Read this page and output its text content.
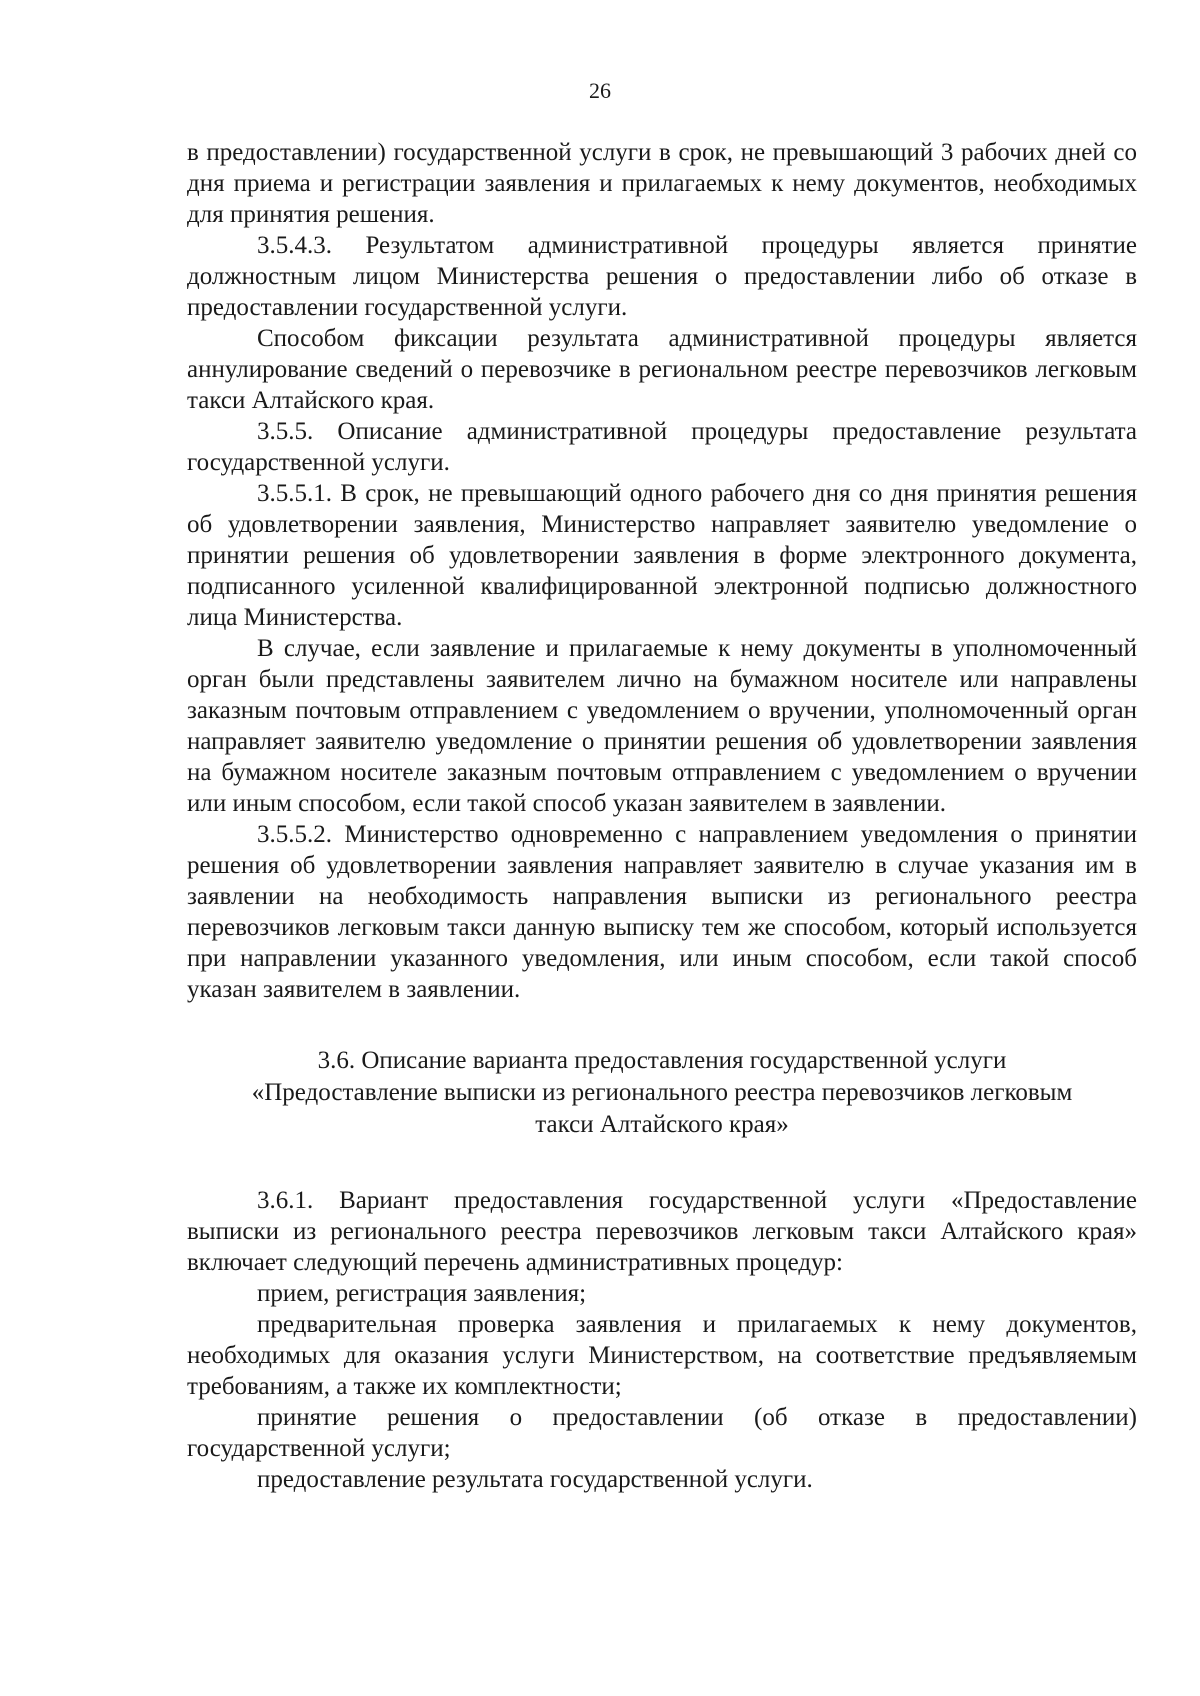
26

в предоставлении) государственной услуги в срок, не превышающий 3 рабочих дней со дня приема и регистрации заявления и прилагаемых к нему документов, необходимых для принятия решения.

3.5.4.3. Результатом административной процедуры является принятие должностным лицом Министерства решения о предоставлении либо об отказе в предоставлении государственной услуги.

Способом фиксации результата административной процедуры является аннулирование сведений о перевозчике в региональном реестре перевозчиков легковым такси Алтайского края.

3.5.5. Описание административной процедуры предоставление результата государственной услуги.

3.5.5.1. В срок, не превышающий одного рабочего дня со дня принятия решения об удовлетворении заявления, Министерство направляет заявителю уведомление о принятии решения об удовлетворении заявления в форме электронного документа, подписанного усиленной квалифицированной электронной подписью должностного лица Министерства.

В случае, если заявление и прилагаемые к нему документы в уполномоченный орган были представлены заявителем лично на бумажном носителе или направлены заказным почтовым отправлением с уведомлением о вручении, уполномоченный орган направляет заявителю уведомление о принятии решения об удовлетворении заявления на бумажном носителе заказным почтовым отправлением с уведомлением о вручении или иным способом, если такой способ указан заявителем в заявлении.

3.5.5.2. Министерство одновременно с направлением уведомления о принятии решения об удовлетворении заявления направляет заявителю в случае указания им в заявлении на необходимость направления выписки из регионального реестра перевозчиков легковым такси данную выписку тем же способом, который используется при направлении указанного уведомления, или иным способом, если такой способ указан заявителем в заявлении.

3.6. Описание варианта предоставления государственной услуги

«Предоставление выписки из регионального реестра перевозчиков легковым

такси Алтайского края»

3.6.1. Вариант предоставления государственной услуги «Предоставление выписки из регионального реестра перевозчиков легковым такси Алтайского края» включает следующий перечень административных процедур:

прием, регистрация заявления;

предварительная проверка заявления и прилагаемых к нему документов, необходимых для оказания услуги Министерством, на соответствие предъявляемым требованиям, а также их комплектности;

принятие решения о предоставлении (об отказе в предоставлении) государственной услуги;

предоставление результата государственной услуги.
